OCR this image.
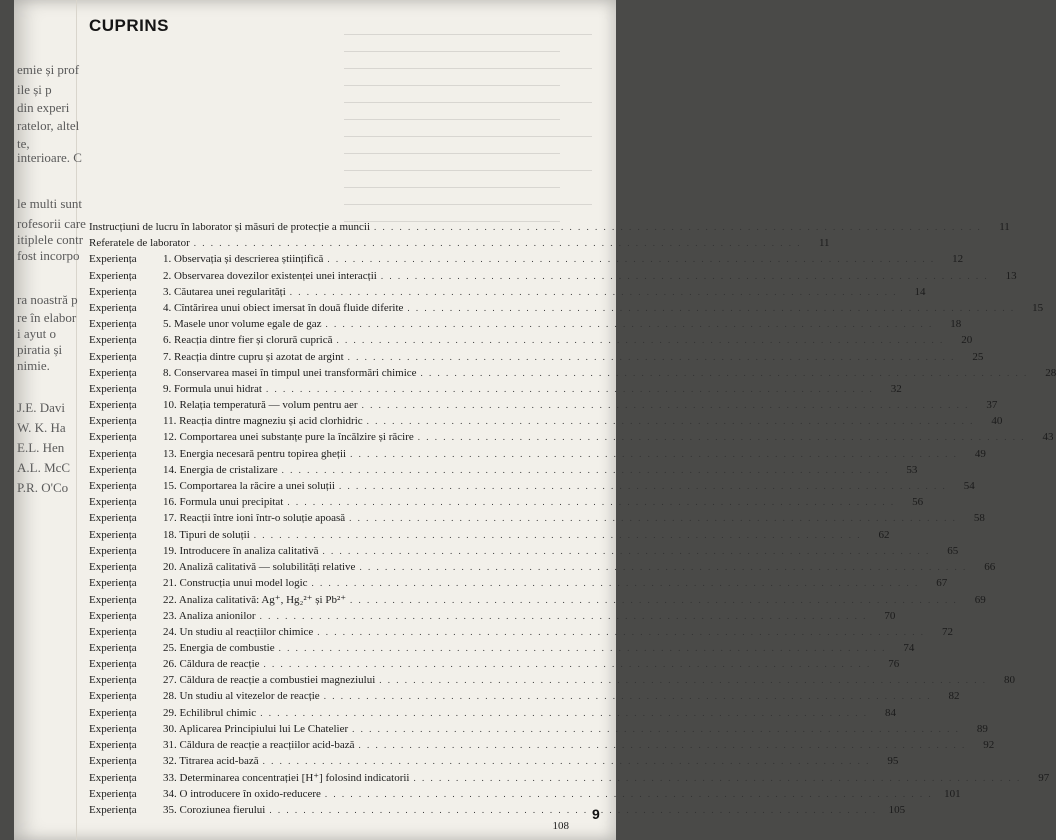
emie și prof
ile și p
din experi
ratelor, altel
te,
interioare. C
le multi sunt
rofesorii care
itiplele contr
fost incorpo
ra noastră p
re în elabor
i ayut o
piratia și
nimie.
J.E. Davi
W. K. Ha
E.L. Hen
A.L. McC
P.R. O'Co
CUPRINS
Instrucțiuni de lucru în laborator și măsuri de protecție a muncii . . .	11
Referatele de laborator . . .	11
Experiența	1. Observația și descrierea științifică . . .	12
Experiența	2. Observarea dovezilor existenței unei interacții . . .	13
Experiența	3. Căutarea unei regularități . . .	14
Experiența	4. Cîntărirea unui obiect imersat în două fluide diferite . . .	15
Experiența	5. Masele unor volume egale de gaz . . .	18
Experiența	6. Reacția dintre fier și clorură cuprică . . .	20
Experiența	7. Reacția dintre cupru și azotat de argint . . .	25
Experiența	8. Conservarea masei în timpul unei transformări chimice . . .	28
Experiența	9. Formula unui hidrat . . .	32
Experiența	10. Relația temperatură — volum pentru aer . . .	37
Experiența	11. Reacția dintre magneziu și acid clorhidric . . .	40
Experiența	12. Comportarea unei substanțe pure la încălzire și răcire . . .	43
Experiența	13. Energia necesară pentru topirea gheții . . .	49
Experiența	14. Energia de cristalizare . . .	53
Experiența	15. Comportarea la răcire a unei soluții . . .	54
Experiența	16. Formula unui precipitat . . .	56
Experiența	17. Reacții între ioni într-o soluție apoasă . . .	58
Experiența	18. Tipuri de soluții . . .	62
Experiența	19. Introducere în analiza calitativă . . .	65
Experiența	20. Analiză calitativă — solubilități relative . . .	66
Experiența	21. Construcția unui model logic . . .	67
Experiența	22. Analiza calitativă: Ag⁺, Hg₂²⁺ și Pb²⁺ . . .	69
Experiența	23. Analiza anionilor . . .	70
Experiența	24. Un studiu al reacțiilor chimice . . .	72
Experiența	25. Energia de combustie . . .	74
Experiența	26. Căldura de reacție . . .	76
Experiența	27. Căldura de reacție a combustiei magneziului . . .	80
Experiența	28. Un studiu al vitezelor de reacție . . .	82
Experiența	29. Echilibrul chimic . . .	84
Experiența	30. Aplicarea Principiului lui Le Chatelier . . .	89
Experiența	31. Căldura de reacție a reacțiilor acid-bază . . .	92
Experiența	32. Titrarea acid-bază . . .	95
Experiența	33. Determinarea concentrației [H⁺] folosind indicatorii . . .	97
Experiența	34. O introducere în oxido-reducere . . .	101
Experiența	35. Coroziunea fierului . . .	105
108
9
